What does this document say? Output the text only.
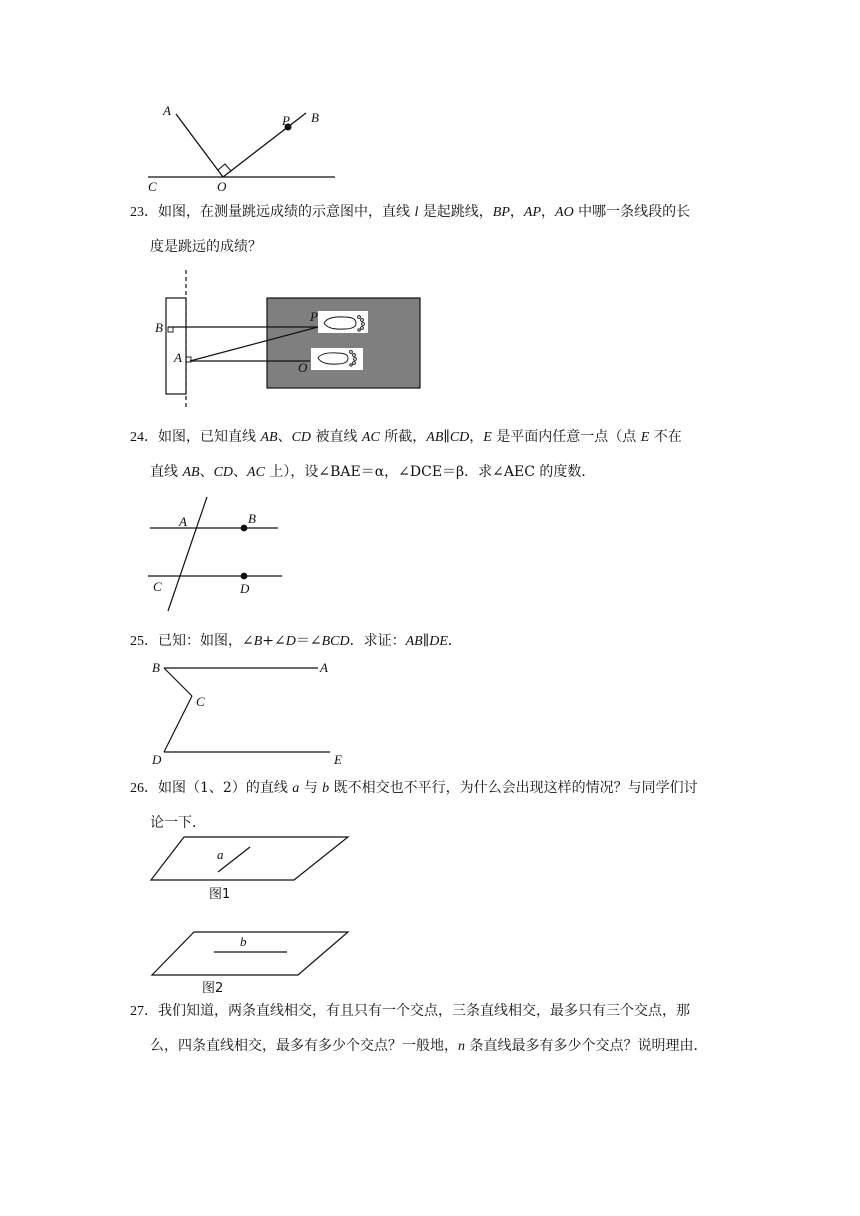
A
P B
C	O
23．如图，在测量跳远成绩的示意图中，直线 l 是起跳线，BP，AP，AO 中哪一条线段的长
度是跳远的成绩？
B
A
P
O
24．如图，已知直线 AB、CD 被直线 AC 所截，AB∥CD，E 是平面内任意一点（点 E 不在
直线 AB、CD、AC 上），设∠BAE＝α，∠DCE＝β．求∠AEC 的度数．
A	B
C	D
25．已知：如图，∠B+∠D＝∠BCD．求证：AB∥DE．
B	A
C
D	E
26．如图（1、2）的直线 a 与 b 既不相交也不平行，为什么会出现这样的情况？与同学们讨
论一下．
a
图1
b
图2
27．我们知道，两条直线相交，有且只有一个交点，三条直线相交，最多只有三个交点，那
么，四条直线相交，最多有多少个交点？一般地，n 条直线最多有多少个交点？说明理由．
